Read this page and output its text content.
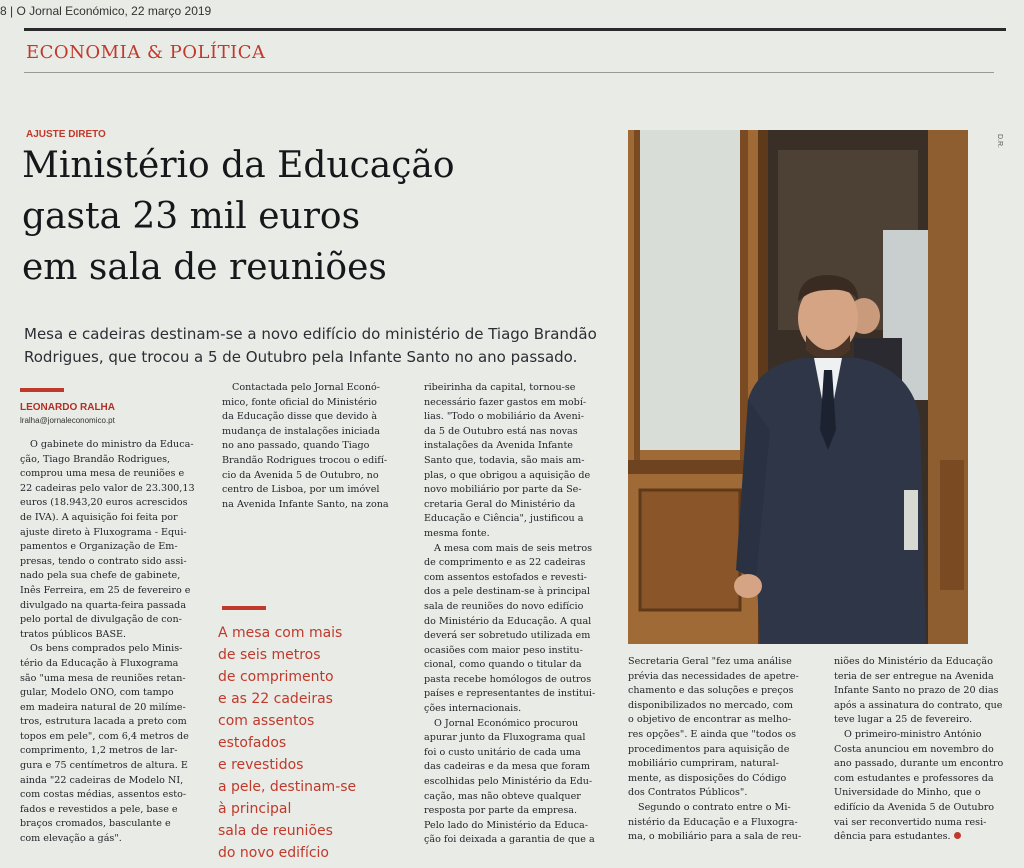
8 | O Jornal Económico, 22 março 2019
ECONOMIA & POLÍTICA
AJUSTE DIRETO
Ministério da Educação
gasta 23 mil euros
em sala de reuniões
Mesa e cadeiras destinam-se a novo edifício do ministério de Tiago Brandão
Rodrigues, que trocou a 5 de Outubro pela Infante Santo no ano passado.
LEONARDO RALHA
lralha@jornaleconomico.pt
O gabinete do ministro da Educa-
ção, Tiago Brandão Rodrigues,
comprou uma mesa de reuniões e
22 cadeiras pelo valor de 23.300,13
euros (18.943,20 euros acrescidos
de IVA). A aquisição foi feita por
ajuste direto à Fluxograma - Equi-
pamentos e Organização de Em-
presas, tendo o contrato sido assi-
nado pela sua chefe de gabinete,
Inês Ferreira, em 25 de fevereiro e
divulgado na quarta-feira passada
pelo portal de divulgação de con-
tratos públicos BASE.
Os bens comprados pelo Minis-
tério da Educação à Fluxograma
são "uma mesa de reuniões retan-
gular, Modelo ONO, com tampo
em madeira natural de 20 milíme-
tros, estrutura lacada a preto com
topos em pele", com 6,4 metros de
comprimento, 1,2 metros de lar-
gura e 75 centímetros de altura. E
ainda "22 cadeiras de Modelo NI,
com costas médias, assentos esto-
fados e revestidos a pele, base e
braços cromados, basculante e
com elevação a gás".
Contactada pelo Jornal Econó-
mico, fonte oficial do Ministério
da Educação disse que devido à
mudança de instalações iniciada
no ano passado, quando Tiago
Brandão Rodrigues trocou o edifí-
cio da Avenida 5 de Outubro, no
centro de Lisboa, por um imóvel
na Avenida Infante Santo, na zona
ribeirinha da capital, tornou-se
necessário fazer gastos em mobí-
lias. "Todo o mobiliário da Aveni-
da 5 de Outubro está nas novas
instalações da Avenida Infante
Santo que, todavia, são mais am-
plas, o que obrigou a aquisição de
novo mobiliário por parte da Se-
cretaria Geral do Ministério da
Educação e Ciência", justificou a
mesma fonte.
A mesa com mais de seis metros
de comprimento e as 22 cadeiras
com assentos estofados e revesti-
dos a pele destinam-se à principal
sala de reuniões do novo edifício
do Ministério da Educação. A qual
deverá ser sobretudo utilizada em
ocasiões com maior peso institu-
cional, como quando o titular da
pasta recebe homólogos de outros
países e representantes de institui-
ções internacionais.
O Jornal Económico procurou
apurar junto da Fluxograma qual
foi o custo unitário de cada uma
das cadeiras e da mesa que foram
escolhidas pelo Ministério da Edu-
cação, mas não obteve qualquer
resposta por parte da empresa.
Pelo lado do Ministério da Educa-
ção foi deixada a garantia de que a
Secretaria Geral "fez uma análise
prévia das necessidades de apetre-
chamento e das soluções e preços
disponibilizados no mercado, com
o objetivo de encontrar as melho-
res opções". E ainda que "todos os
procedimentos para aquisição de
mobiliário cumpriram, natural-
mente, as disposições do Código
dos Contratos Públicos".
Segundo o contrato entre o Mi-
nistério da Educação e a Fluxogra-
ma, o mobiliário para a sala de reu-
niões do Ministério da Educação
teria de ser entregue na Avenida
Infante Santo no prazo de 20 dias
após a assinatura do contrato, que
teve lugar a 25 de fevereiro.
O primeiro-ministro António
Costa anunciou em novembro do
ano passado, durante um encontro
com estudantes e professores da
Universidade do Minho, que o
edifício da Avenida 5 de Outubro
vai ser reconvertido numa resi-
dência para estudantes.
A mesa com mais
de seis metros
de comprimento
e as 22 cadeiras
com assentos
estofados
e revestidos
a pele, destinam-se
à principal
sala de reuniões
do novo edifício
D.R.
